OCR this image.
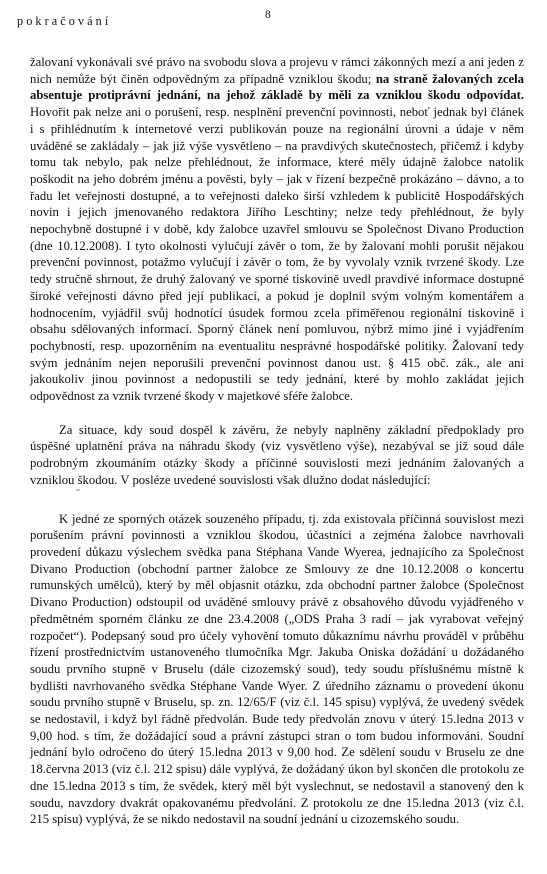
pokračování	8

žalovaní vykonávali své právo na svobodu slova a projevu v rámci zákonných mezí a ani jeden z nich nemůže být činěn odpovědným za případně vzniklou škodu; na straně žalovaných zcela absentuje protiprávní jednání, na jehož základě by měli za vzniklou škodu odpovídat. Hovořit pak nelze ani o porušení, resp. nesplnění prevenční povinnosti, neboť jednak byl článek i s přihlédnutím k internetové verzi publikován pouze na regionální úrovni a údaje v něm uváděné se zakládaly – jak již výše vysvětleno – na pravdivých skutečnostech, přičemž i kdyby tomu tak nebylo, pak nelze přehlédnout, že informace, které měly údajně žalobce natolik poškodit na jeho dobrém jménu a pověsti, byly – jak v řízení bezpečně prokázáno – dávno, a to řadu let veřejnosti dostupné, a to veřejnosti daleko širší vzhledem k publicitě Hospodářských novin i jejich jmenovaného redaktora Jiřího Leschtiny; nelze tedy přehlédnout, že byly nepochybně dostupné i v době, kdy žalobce uzavřel smlouvu se Společnost Divano Production (dne 10.12.2008). I tyto okolnosti vylučují závěr o tom, že by žalovaní mohli porušit nějakou prevenční povinnost, potažmo vylučují i závěr o tom, že by vyvolaly vznik tvrzené škody. Lze tedy stručně shrnout, že druhý žalovaný ve sporné tiskovině uvedl pravdivé informace dostupné široké veřejnosti dávno před její publikací, a pokud je doplnil svým volným komentářem a hodnocením, vyjádřil svůj hodnotící úsudek formou zcela přiměřenou regionální tiskovině i obsahu sdělovaných informací. Sporný článek není pomluvou, nýbrž mimo jiné i vyjádřením pochybností, resp. upozorněním na eventualitu nesprávné hospodářské politiky. Žalovaní tedy svým jednáním nejen neporušili prevenční povinnost danou ust. § 415 obč. zák., ale ani jakoukoliv jinou povinnost a nedopustili se tedy jednání, které by mohlo zakládat jejich odpovědnost za vznik tvrzené škody v majetkové sféře žalobce.

Za situace, kdy soud dospěl k závěru, že nebyly naplněny základní předpoklady pro úspěšné uplatnění práva na náhradu škody (viz vysvětleno výše), nezabýval se již soud dále podrobným zkoumáním otázky škody a příčinné souvislosti mezi jednáním žalovaných a vzniklou škodou. V posléze uvedené souvislosti však dlužno dodat následující:

"

K jedné ze sporných otázek souzeného případu, tj. zda existovala příčinná souvislost mezi porušením právní povinnosti a vzniklou škodou, účastníci a zejména žalobce navrhovali provedení důkazu výslechem svědka pana Stéphana Vande Wyerea, jednajícího za Společnost Divano Production (obchodní partner žalobce ze Smlouvy ze dne 10.12.2008 o koncertu rumunských umělců), který by měl objasnit otázku, zda obchodní partner žalobce (Společnost Divano Production) odstoupil od uváděné smlouvy právě z obsahového důvodu vyjádřeného v předmětném sporném článku ze dne 23.4.2008 („ODS Praha 3 radí – jak vyrabovat veřejný rozpočet“). Podepsaný soud pro účely vyhovění tomuto důkaznímu návrhu prováděl v průběhu řízení prostřednictvím ustanoveného tlumočníka Mgr. Jakuba Oniska dožádání u dožádaného soudu prvního stupně v Bruselu (dále cizozemský soud), tedy soudu příslušnému místně k bydlišti navrhovaného svědka Stéphane Vande Wyer. Z úředního záznamu o provedení úkonu soudu prvního stupně v Bruselu, sp. zn. 12/65/F (viz č.l. 145 spisu) vyplývá, že uvedený svědek se nedostavil, i když byl řádně předvolán. Bude tedy předvolán znovu v úterý 15.ledna 2013 v 9,00 hod. s tím, že dožádající soud a právní zástupci stran o tom budou informováni. Soudní jednání bylo odročeno do úterý 15.ledna 2013 v 9,00 hod. Ze sdělení soudu v Bruselu ze dne 18.června 2013 (viz č.l. 212 spisu) dále vyplývá, že dožádaný úkon byl skončen dle protokolu ze dne 15.ledna 2013 s tím, že svědek, který měl být vyslechnut, se nedostavil a stanovený den k soudu, navzdory dvakrát opakovanému předvolání. Z protokolu ze dne 15.ledna 2013 (viz č.l. 215 spisu) vyplývá, že se nikdo nedostavil na soudní jednání u cizozemského soudu.
